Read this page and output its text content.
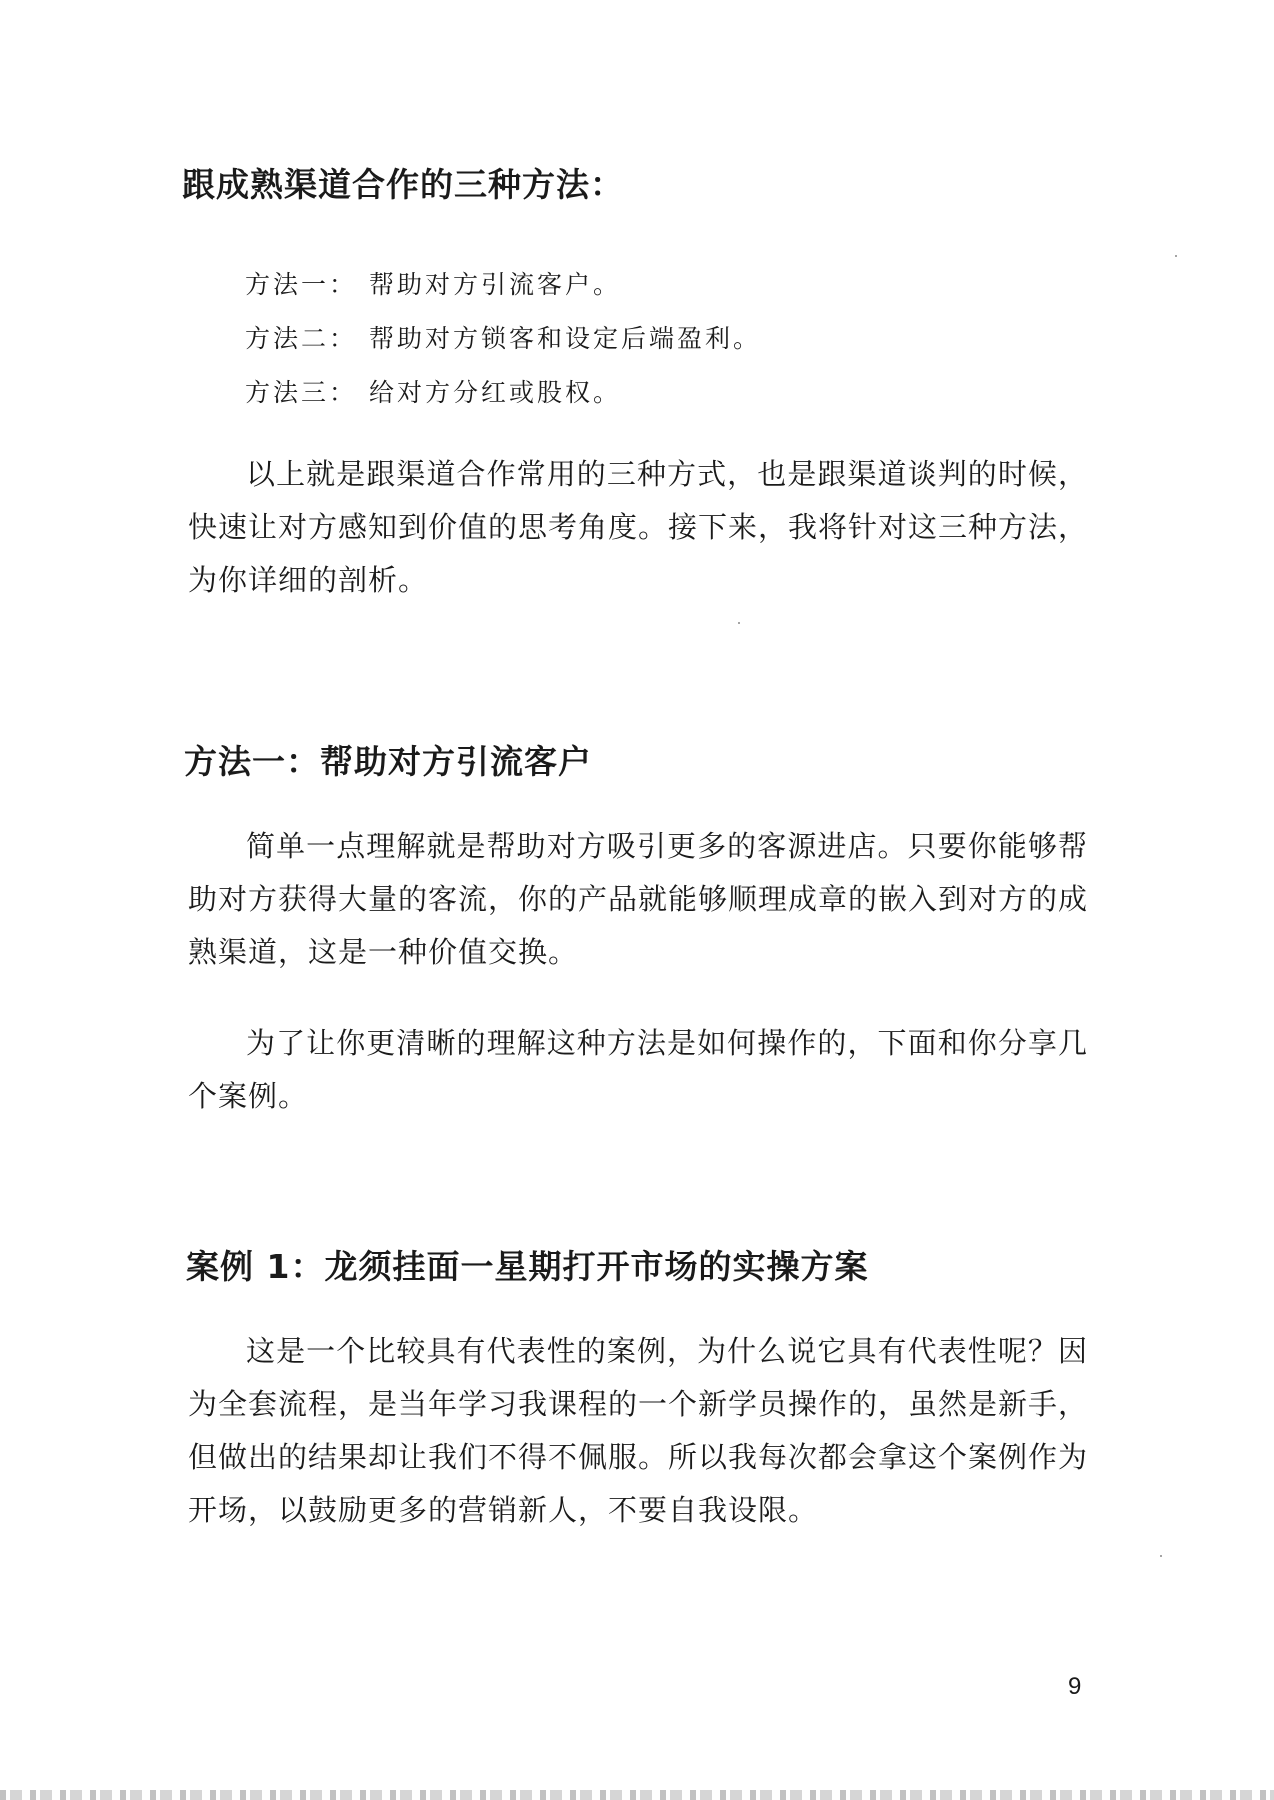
跟成熟渠道合作的三种方法：
方法一： 帮助对方引流客户。
方法二： 帮助对方锁客和设定后端盈利。
方法三： 给对方分红或股权。

以上就是跟渠道合作常用的三种方式，也是跟渠道谈判的时候，快速让对方感知到价值的思考角度。接下来，我将针对这三种方法，为你详细的剖析。

方法一：帮助对方引流客户

简单一点理解就是帮助对方吸引更多的客源进店。只要你能够帮助对方获得大量的客流，你的产品就能够顺理成章的嵌入到对方的成熟渠道，这是一种价值交换。

为了让你更清晰的理解这种方法是如何操作的，下面和你分享几个案例。

案例 1：龙须挂面一星期打开市场的实操方案

这是一个比较具有代表性的案例，为什么说它具有代表性呢？因为全套流程，是当年学习我课程的一个新学员操作的，虽然是新手，但做出的结果却让我们不得不佩服。所以我每次都会拿这个案例作为开场，以鼓励更多的营销新人，不要自我设限。

9
